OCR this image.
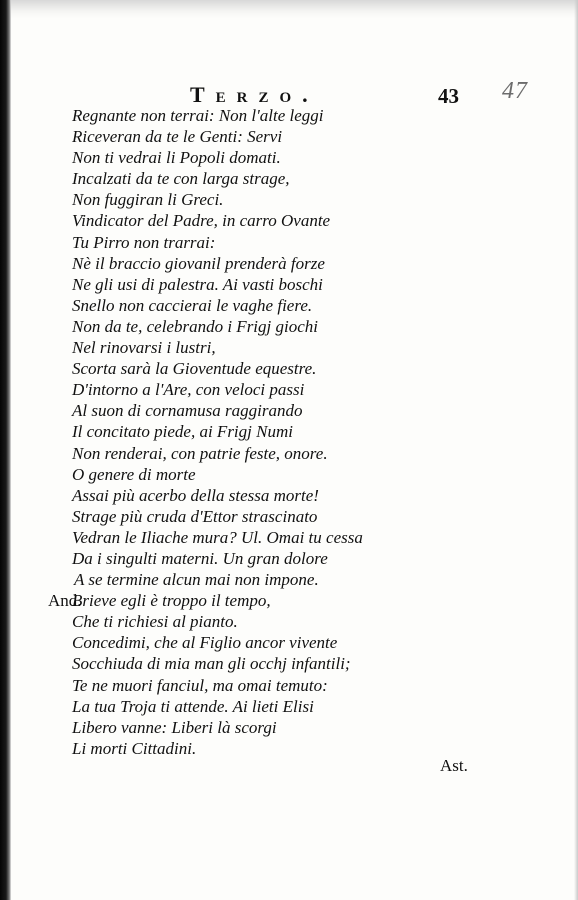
Terzo.	43 47
Regnante non terrai: Non l'alte leggi
Riceveran da te le Genti: Servi
Non ti vedrai li Popoli domati.
Incalzati da te con larga strage,
Non fuggiran li Greci.
Vindicator del Padre, in carro Ovante
Tu Pirro non trarrai:
Nè il braccio giovanil prenderà forze
Ne gli usi di palestra. Ai vasti boschi
Snello non caccierai le vaghe fiere.
Non da te, celebrando i Frigj giochi
Nel rinovarsi i lustri,
Scorta sarà la Gioventude equestre.
D'intorno a l'Are, con veloci passi
Al suon di cornamusa raggirando
Il concitato piede, ai Frigj Numi
Non renderai, con patrie feste, onore.
O genere di morte
Assai più acerbo della stessa morte!
Strage più cruda d'Ettor strascinato
Vedran le Iliache mura? Ul. Omai tu cessa
Da i singulti materni. Un gran dolore
A se termine alcun mai non impone.
And.
Brieve egli è troppo il tempo,
Che ti richiesi al pianto.
Concedimi, che al Figlio ancor vivente
Socchiuda di mia man gli occhj infantili;
Te ne muori fanciul, ma omai temuto:
La tua Troja ti attende. Ai lieti Elisi
Libero vanne: Liberi là scorgi
Li morti Cittadini.
Ast.
